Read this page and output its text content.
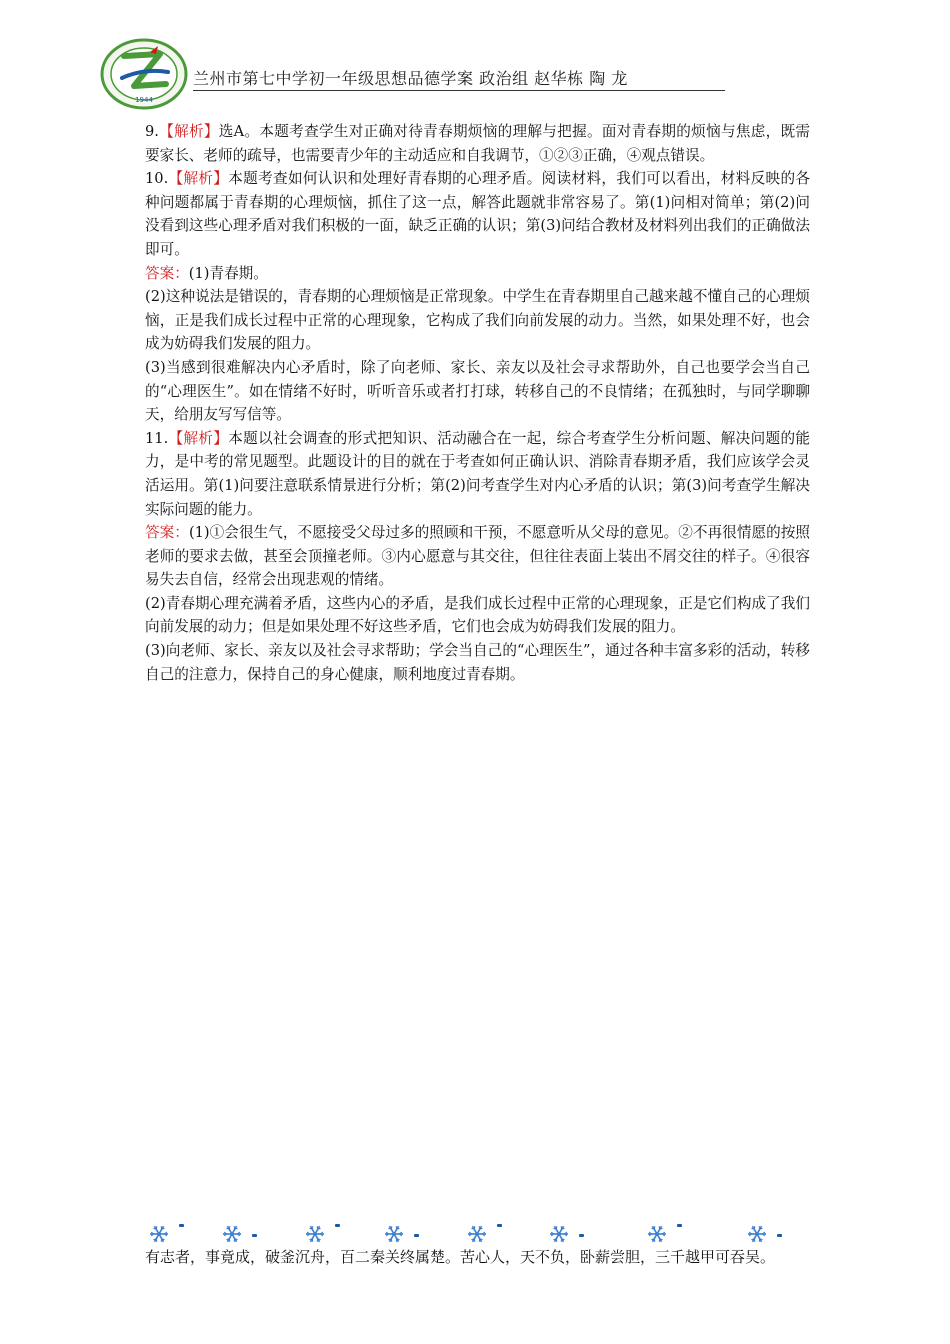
1944
兰州市第七中学初一年级思想品德学案 政治组 赵华栋 陶 龙

9.【解析】选A。本题考查学生对正确对待青春期烦恼的理解与把握。面对青春期的烦恼与焦虑，既需要家长、老师的疏导，也需要青少年的主动适应和自我调节，①②③正确，④观点错误。

10.【解析】本题考查如何认识和处理好青春期的心理矛盾。阅读材料，我们可以看出，材料反映的各种问题都属于青春期的心理烦恼，抓住了这一点，解答此题就非常容易了。第(1)问相对简单；第(2)问没看到这些心理矛盾对我们积极的一面，缺乏正确的认识；第(3)问结合教材及材料列出我们的正确做法即可。

答案：(1)青春期。

(2)这种说法是错误的，青春期的心理烦恼是正常现象。中学生在青春期里自己越来越不懂自己的心理烦恼，正是我们成长过程中正常的心理现象，它构成了我们向前发展的动力。当然，如果处理不好，也会成为妨碍我们发展的阻力。

(3)当感到很难解决内心矛盾时，除了向老师、家长、亲友以及社会寻求帮助外，自己也要学会当自己的“心理医生”。如在情绪不好时，听听音乐或者打打球，转移自己的不良情绪；在孤独时，与同学聊聊天，给朋友写写信等。

11.【解析】本题以社会调查的形式把知识、活动融合在一起，综合考查学生分析问题、解决问题的能力，是中考的常见题型。此题设计的目的就在于考查如何正确认识、消除青春期矛盾，我们应该学会灵活运用。第(1)问要注意联系情景进行分析；第(2)问考查学生对内心矛盾的认识；第(3)问考查学生解决实际问题的能力。

答案：(1)①会很生气，不愿接受父母过多的照顾和干预，不愿意听从父母的意见。②不再很情愿的按照老师的要求去做，甚至会顶撞老师。③内心愿意与其交往，但往往表面上装出不屑交往的样子。④很容易失去自信，经常会出现悲观的情绪。

(2)青春期心理充满着矛盾，这些内心的矛盾，是我们成长过程中正常的心理现象，正是它们构成了我们向前发展的动力；但是如果处理不好这些矛盾，它们也会成为妨碍我们发展的阻力。

(3)向老师、家长、亲友以及社会寻求帮助；学会当自己的“心理医生”，通过各种丰富多彩的活动，转移自己的注意力，保持自己的身心健康，顺利地度过青春期。

有志者，事竟成，破釜沉舟，百二秦关终属楚。苦心人，天不负，卧薪尝胆，三千越甲可吞吴。
